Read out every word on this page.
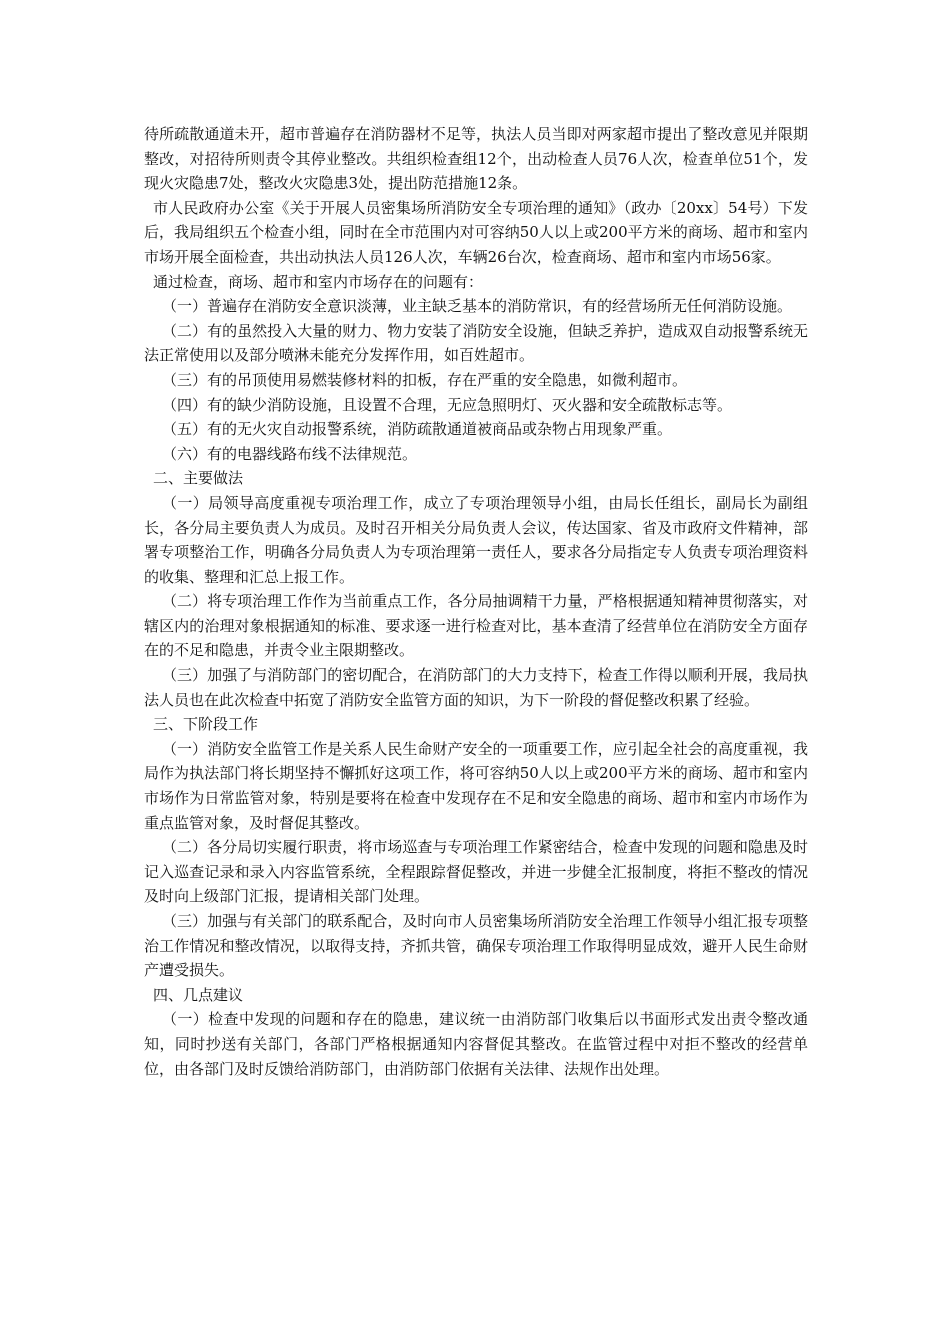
待所疏散通道未开，超市普遍存在消防器材不足等，执法人员当即对两家超市提出了整改意见并限期整改，对招待所则责令其停业整改。共组织检查组12个，出动检查人员76人次，检查单位51个，发现火灾隐患7处，整改火灾隐患3处，提出防范措施12条。

市人民政府办公室《关于开展人员密集场所消防安全专项治理的通知》（政办〔20xx〕54号）下发后，我局组织五个检查小组，同时在全市范围内对可容纳50人以上或200平方米的商场、超市和室内市场开展全面检查，共出动执法人员126人次，车辆26台次，检查商场、超市和室内市场56家。

通过检查，商场、超市和室内市场存在的问题有：

（一）普遍存在消防安全意识淡薄，业主缺乏基本的消防常识，有的经营场所无任何消防设施。

（二）有的虽然投入大量的财力、物力安装了消防安全设施，但缺乏养护，造成双自动报警系统无法正常使用以及部分喷淋未能充分发挥作用，如百姓超市。

（三）有的吊顶使用易燃装修材料的扣板，存在严重的安全隐患，如微利超市。

（四）有的缺少消防设施，且设置不合理，无应急照明灯、灭火器和安全疏散标志等。

（五）有的无火灾自动报警系统，消防疏散通道被商品或杂物占用现象严重。

（六）有的电器线路布线不法律规范。

二、主要做法

（一）局领导高度重视专项治理工作，成立了专项治理领导小组，由局长任组长，副局长为副组长，各分局主要负责人为成员。及时召开相关分局负责人会议，传达国家、省及市政府文件精神，部署专项整治工作，明确各分局负责人为专项治理第一责任人，要求各分局指定专人负责专项治理资料的收集、整理和汇总上报工作。

（二）将专项治理工作作为当前重点工作，各分局抽调精干力量，严格根据通知精神贯彻落实，对辖区内的治理对象根据通知的标准、要求逐一进行检查对比，基本查清了经营单位在消防安全方面存在的不足和隐患，并责令业主限期整改。

（三）加强了与消防部门的密切配合，在消防部门的大力支持下，检查工作得以顺利开展，我局执法人员也在此次检查中拓宽了消防安全监管方面的知识，为下一阶段的督促整改积累了经验。

三、下阶段工作

（一）消防安全监管工作是关系人民生命财产安全的一项重要工作，应引起全社会的高度重视，我局作为执法部门将长期坚持不懈抓好这项工作，将可容纳50人以上或200平方米的商场、超市和室内市场作为日常监管对象，特别是要将在检查中发现存在不足和安全隐患的商场、超市和室内市场作为重点监管对象，及时督促其整改。

（二）各分局切实履行职责，将市场巡查与专项治理工作紧密结合，检查中发现的问题和隐患及时记入巡查记录和录入内容监管系统，全程跟踪督促整改，并进一步健全汇报制度，将拒不整改的情况及时向上级部门汇报，提请相关部门处理。

（三）加强与有关部门的联系配合，及时向市人员密集场所消防安全治理工作领导小组汇报专项整治工作情况和整改情况，以取得支持，齐抓共管，确保专项治理工作取得明显成效，避开人民生命财产遭受损失。

四、几点建议

（一）检查中发现的问题和存在的隐患，建议统一由消防部门收集后以书面形式发出责令整改通知，同时抄送有关部门，各部门严格根据通知内容督促其整改。在监管过程中对拒不整改的经营单位，由各部门及时反馈给消防部门，由消防部门依据有关法律、法规作出处理。
